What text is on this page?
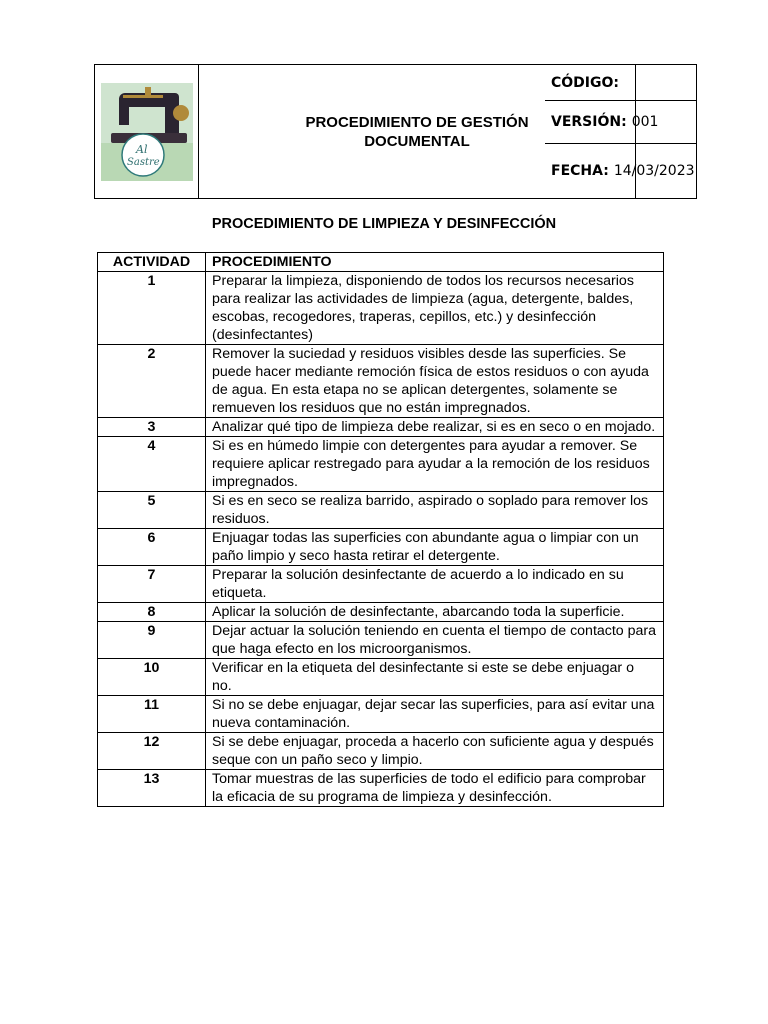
Al
Sastre
PROCEDIMIENTO DE GESTIÓN DOCUMENTAL
CÓDIGO:
VERSIÓN: 001
FECHA: 14/03/2023
PROCEDIMIENTO DE LIMPIEZA Y DESINFECCIÓN
ACTIVIDAD	PROCEDIMIENTO
1	Preparar la limpieza, disponiendo de todos los recursos necesarios para realizar las actividades de limpieza (agua, detergente, baldes, escobas, recogedores, traperas, cepillos, etc.) y desinfección (desinfectantes)
2	Remover la suciedad y residuos visibles desde las superficies. Se puede hacer mediante remoción física de estos residuos o con ayuda de agua. En esta etapa no se aplican detergentes, solamente se remueven los residuos que no están impregnados.
3	Analizar qué tipo de limpieza debe realizar, si es en seco o en mojado.
4	Si es en húmedo limpie con detergentes para ayudar a remover. Se requiere aplicar restregado para ayudar a la remoción de los residuos impregnados.
5	Si es en seco se realiza barrido, aspirado o soplado para remover los residuos.
6	Enjuagar todas las superficies con abundante agua o limpiar con un paño limpio y seco hasta retirar el detergente.
7	Preparar la solución desinfectante de acuerdo a lo indicado en su etiqueta.
8	Aplicar la solución de desinfectante, abarcando toda la superficie.
9	Dejar actuar la solución teniendo en cuenta el tiempo de contacto para que haga efecto en los microorganismos.
10	Verificar en la etiqueta del desinfectante si este se debe enjuagar o no.
11	Si no se debe enjuagar, dejar secar las superficies, para así evitar una nueva contaminación.
12	Si se debe enjuagar, proceda a hacerlo con suficiente agua y después seque con un paño seco y limpio.
13	Tomar muestras de las superficies de todo el edificio para comprobar la eficacia de su programa de limpieza y desinfección.
